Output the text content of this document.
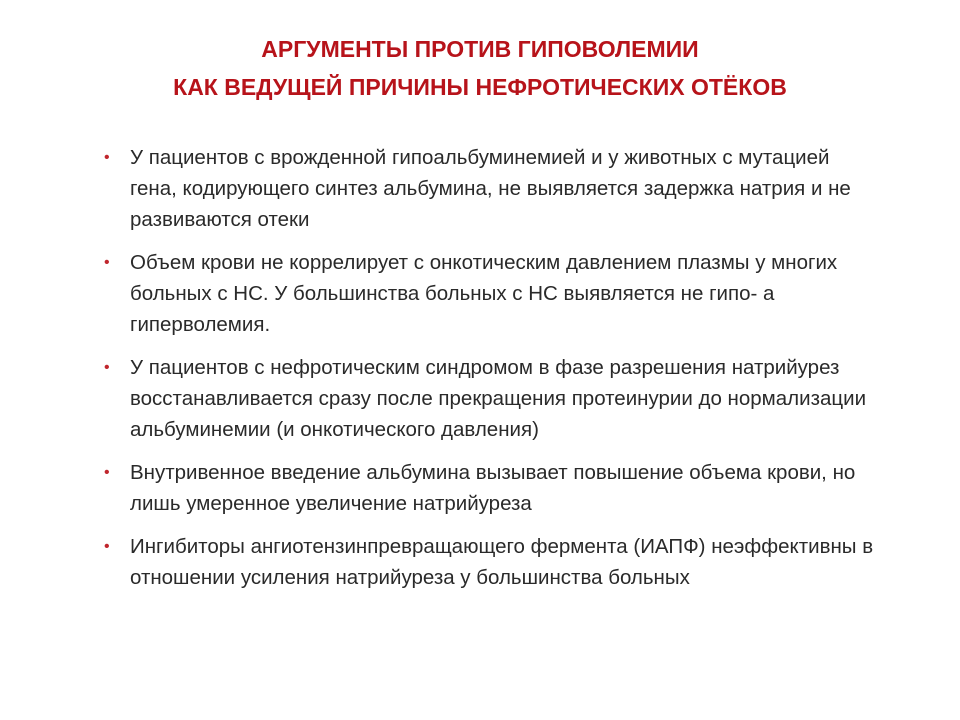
АРГУМЕНТЫ ПРОТИВ ГИПОВОЛЕМИИ
КАК ВЕДУЩЕЙ ПРИЧИНЫ НЕФРОТИЧЕСКИХ ОТЁКОВ
• У пациентов с врожденной гипоальбуминемией и у животных с мутацией гена, кодирующего синтез альбумина, не выявляется задержка натрия и не развиваются отеки
• Объем крови не коррелирует с онкотическим давлением плазмы у многих больных с НС. У большинства больных с НС выявляется не гипо- а гиперволемия.
• У пациентов с нефротическим синдромом в фазе разрешения натрийурез восстанавливается сразу после прекращения протеинурии до нормализации альбуминемии (и онкотического давления)
• Внутривенное введение альбумина вызывает повышение объема крови, но лишь умеренное увеличение натрийуреза
• Ингибиторы ангиотензинпревращающего фермента (ИАПФ) неэффективны в отношении усиления натрийуреза у большинства больных
